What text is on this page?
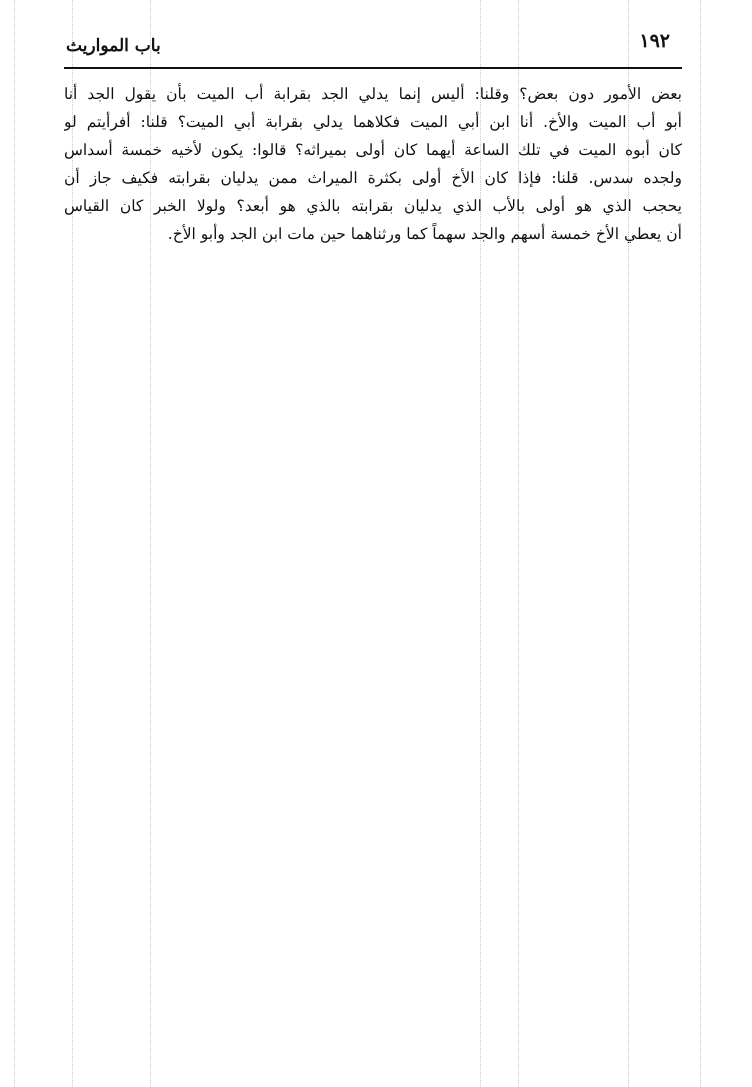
١٩٢
باب المواريث
بعض الأمور دون بعض؟ وقلنا: أليس إنما يدلي الجد بقرابة أب الميت بأن يقول الجد أنا
أبو أب الميت والأخ. أنا ابن أبي الميت فكلاهما يدلي بقرابة أبي الميت؟ قلنا: أفرأيتم لو
كان أبوه الميت في تلك الساعة أيهما كان أولى بميراثه؟ قالوا: يكون لأخيه خمسة أسداس
ولجده سدس. قلنا: فإذا كان الأخ أولى بكثرة الميراث ممن يدليان بقرابته فكيف جاز أن
يحجب الذي هو أولى بالأب الذي يدليان بقرابته بالذي هو أبعد؟ ولولا الخبر كان القياس
أن يعطي الأخ خمسة أسهم والجد سهماً كما ورثناهما حين مات ابن الجد وأبو الأخ.
